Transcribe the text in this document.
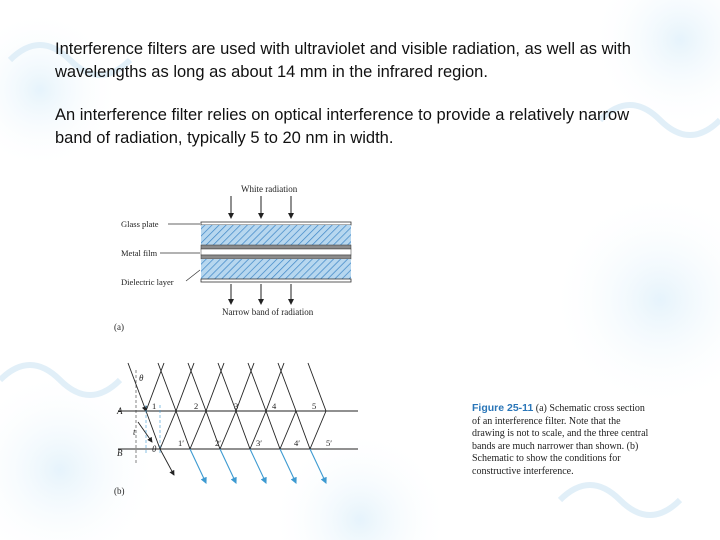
Interference filters are used with ultraviolet and visible radiation, as well as with wavelengths as long as about 14 mm in the infrared region.
An interference filter relies on optical interference to provide a relatively narrow band of radiation, typically 5 to 20 nm in width.
White radiation
Glass plate
Metal film
Dielectric layer
Narrow band of radiation
(a)
θ
θ
A
B
t
1	2	3	4	5
1′	2′	3′	4′	5′
(b)
Figure 25-11 (a) Schematic cross section of an interference filter. Note that the drawing is not to scale, and the three central bands are much narrower than shown. (b) Schematic to show the conditions for constructive interference.
